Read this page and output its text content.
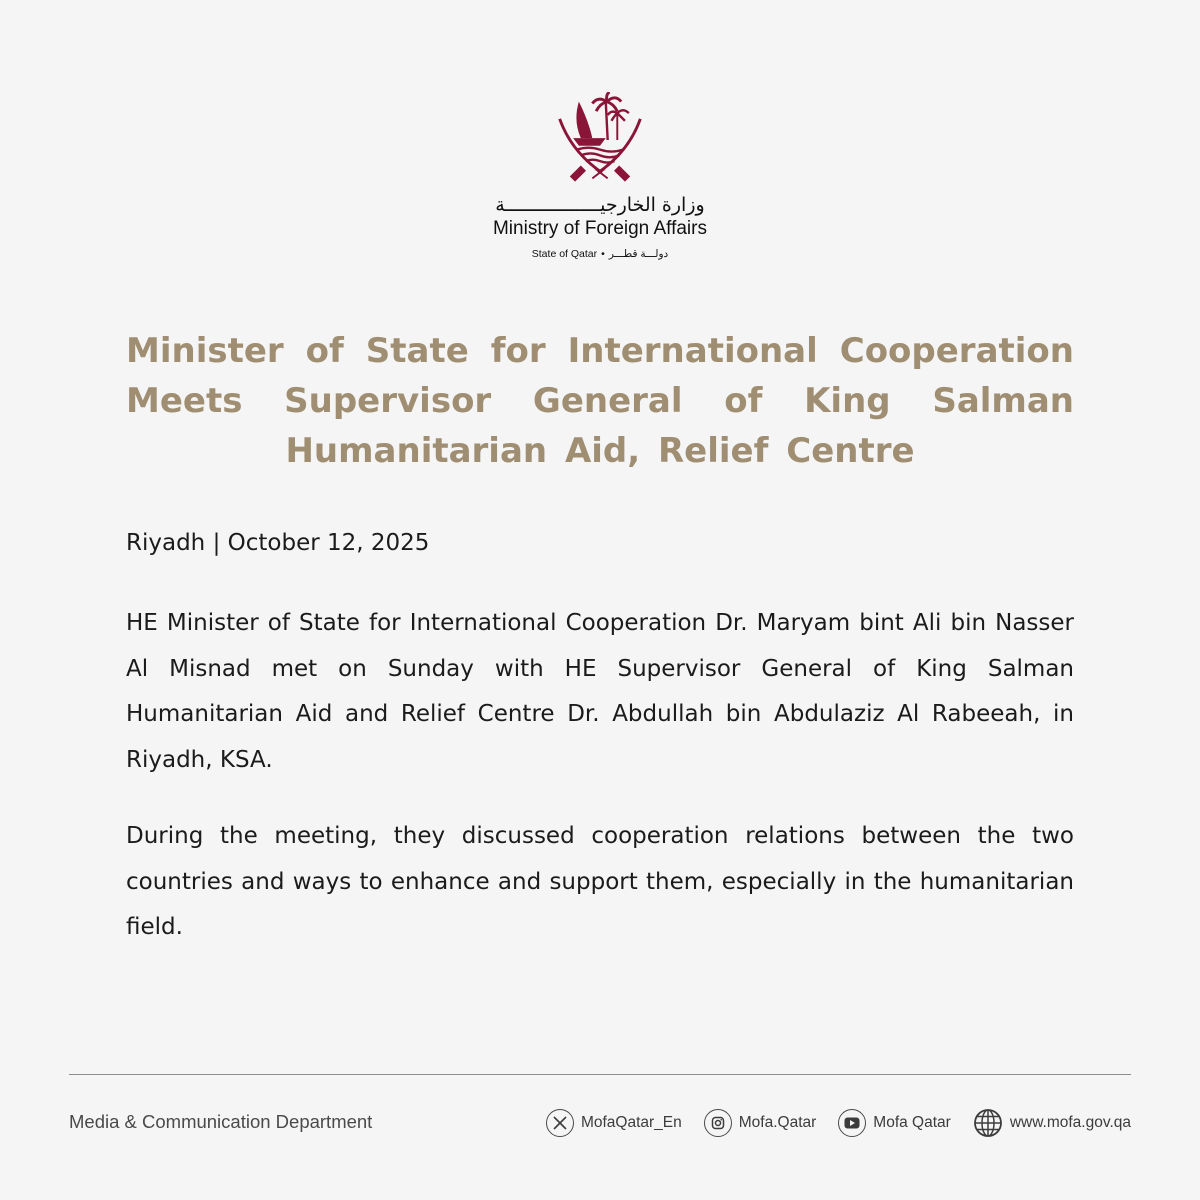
وزارة الخارجيـــــــــــــــــة
Ministry of Foreign Affairs
State of Qatar • دولـــة قطـــر
Minister of State for International Cooperation Meets Supervisor General of King Salman Humanitarian Aid, Relief Centre

Riyadh | October 12, 2025

HE Minister of State for International Cooperation Dr. Maryam bint Ali bin Nasser Al Misnad met on Sunday with HE Supervisor General of King Salman Humanitarian Aid and Relief Centre Dr. Abdullah bin Abdulaziz Al Rabeeah, in Riyadh, KSA.

During the meeting, they discussed cooperation relations between the two countries and ways to enhance and support them, especially in the humanitarian field.

Media & Communication Department	MofaQatar_En	Mofa.Qatar	Mofa Qatar	www.mofa.gov.qa
